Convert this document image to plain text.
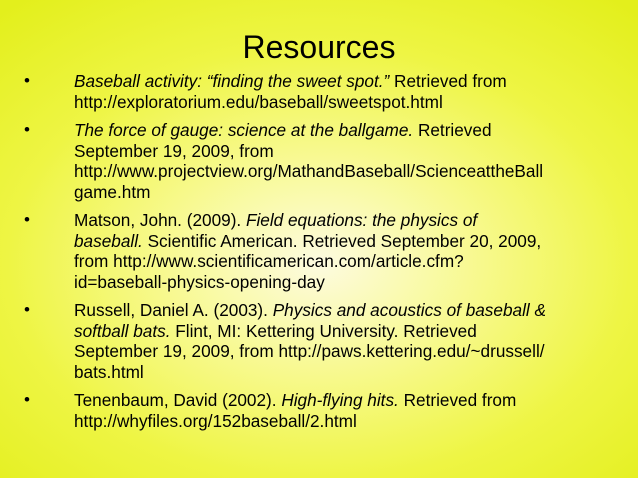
Resources
•	Baseball activity: “finding the sweet spot.” Retrieved from
http://exploratorium.edu/baseball/sweetspot.html
•	The force of gauge: science at the ballgame. Retrieved
September 19, 2009, from
http://www.projectview.org/MathandBaseball/ScienceattheBall
game.htm
•	Matson, John. (2009). Field equations: the physics of
baseball. Scientific American. Retrieved September 20, 2009,
from http://www.scientificamerican.com/article.cfm?
id=baseball-physics-opening-day
•	Russell, Daniel A. (2003). Physics and acoustics of baseball &
softball bats. Flint, MI: Kettering University. Retrieved
September 19, 2009, from http://paws.kettering.edu/~drussell/
bats.html
•	Tenenbaum, David (2002). High-flying hits. Retrieved from
http://whyfiles.org/152baseball/2.html
